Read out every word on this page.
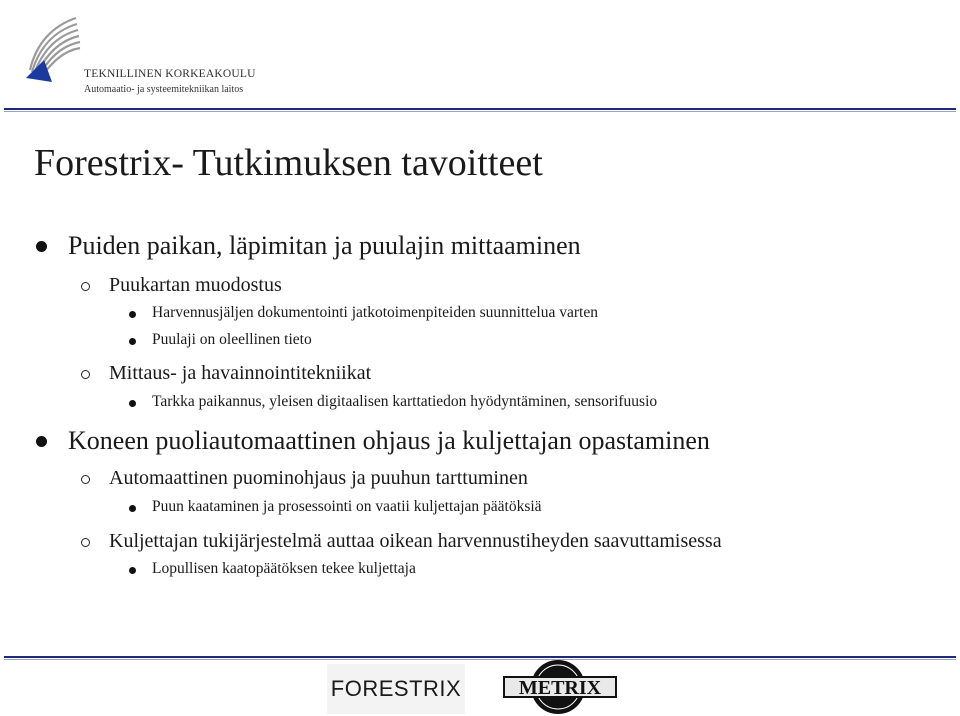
TEKNILLINEN KORKEAKOULU
Automaatio- ja systeemitekniikan laitos
Forestrix- Tutkimuksen tavoitteet
Puiden paikan, läpimitan ja puulajin mittaaminen
Puukartan muodostus
Harvennusjäljen dokumentointi jatkotoimenpiteiden suunnittelua varten
Puulaji on oleellinen tieto
Mittaus- ja havainnointitekniikat
Tarkka paikannus, yleisen digitaalisen karttatiedon hyödyntäminen, sensorifuusio
Koneen puoliautomaattinen ohjaus ja kuljettajan opastaminen
Automaattinen puominohjaus ja puuhun tarttuminen
Puun kaataminen ja prosessointi on vaatii kuljettajan päätöksiä
Kuljettajan tukijärjestelmä auttaa oikean harvennustiheyden saavuttamisessa
Lopullisen kaatopäätöksen tekee kuljettaja
FORESTRIX	METRIX
